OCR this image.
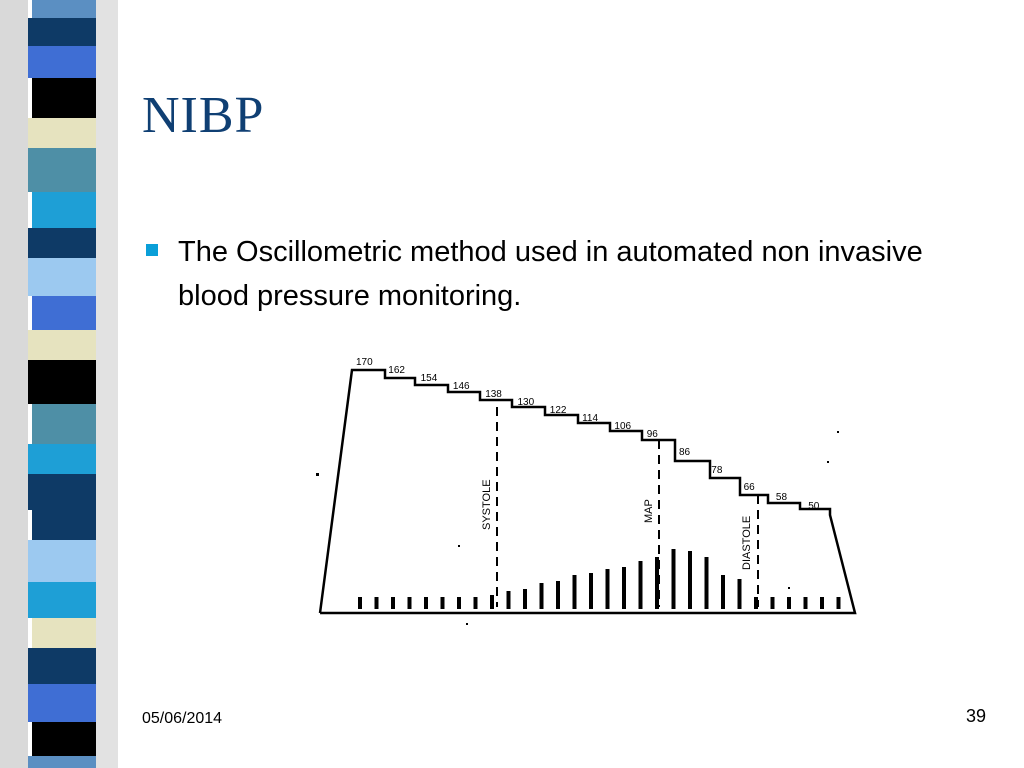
NIBP
The Oscillometric method used in automated non invasive blood pressure monitoring.
170
162
154
146
138
130
122
114
106
96
86
78
66
58
50
SYSTOLE	MAP
DIASTOLE
05/06/2014	39
